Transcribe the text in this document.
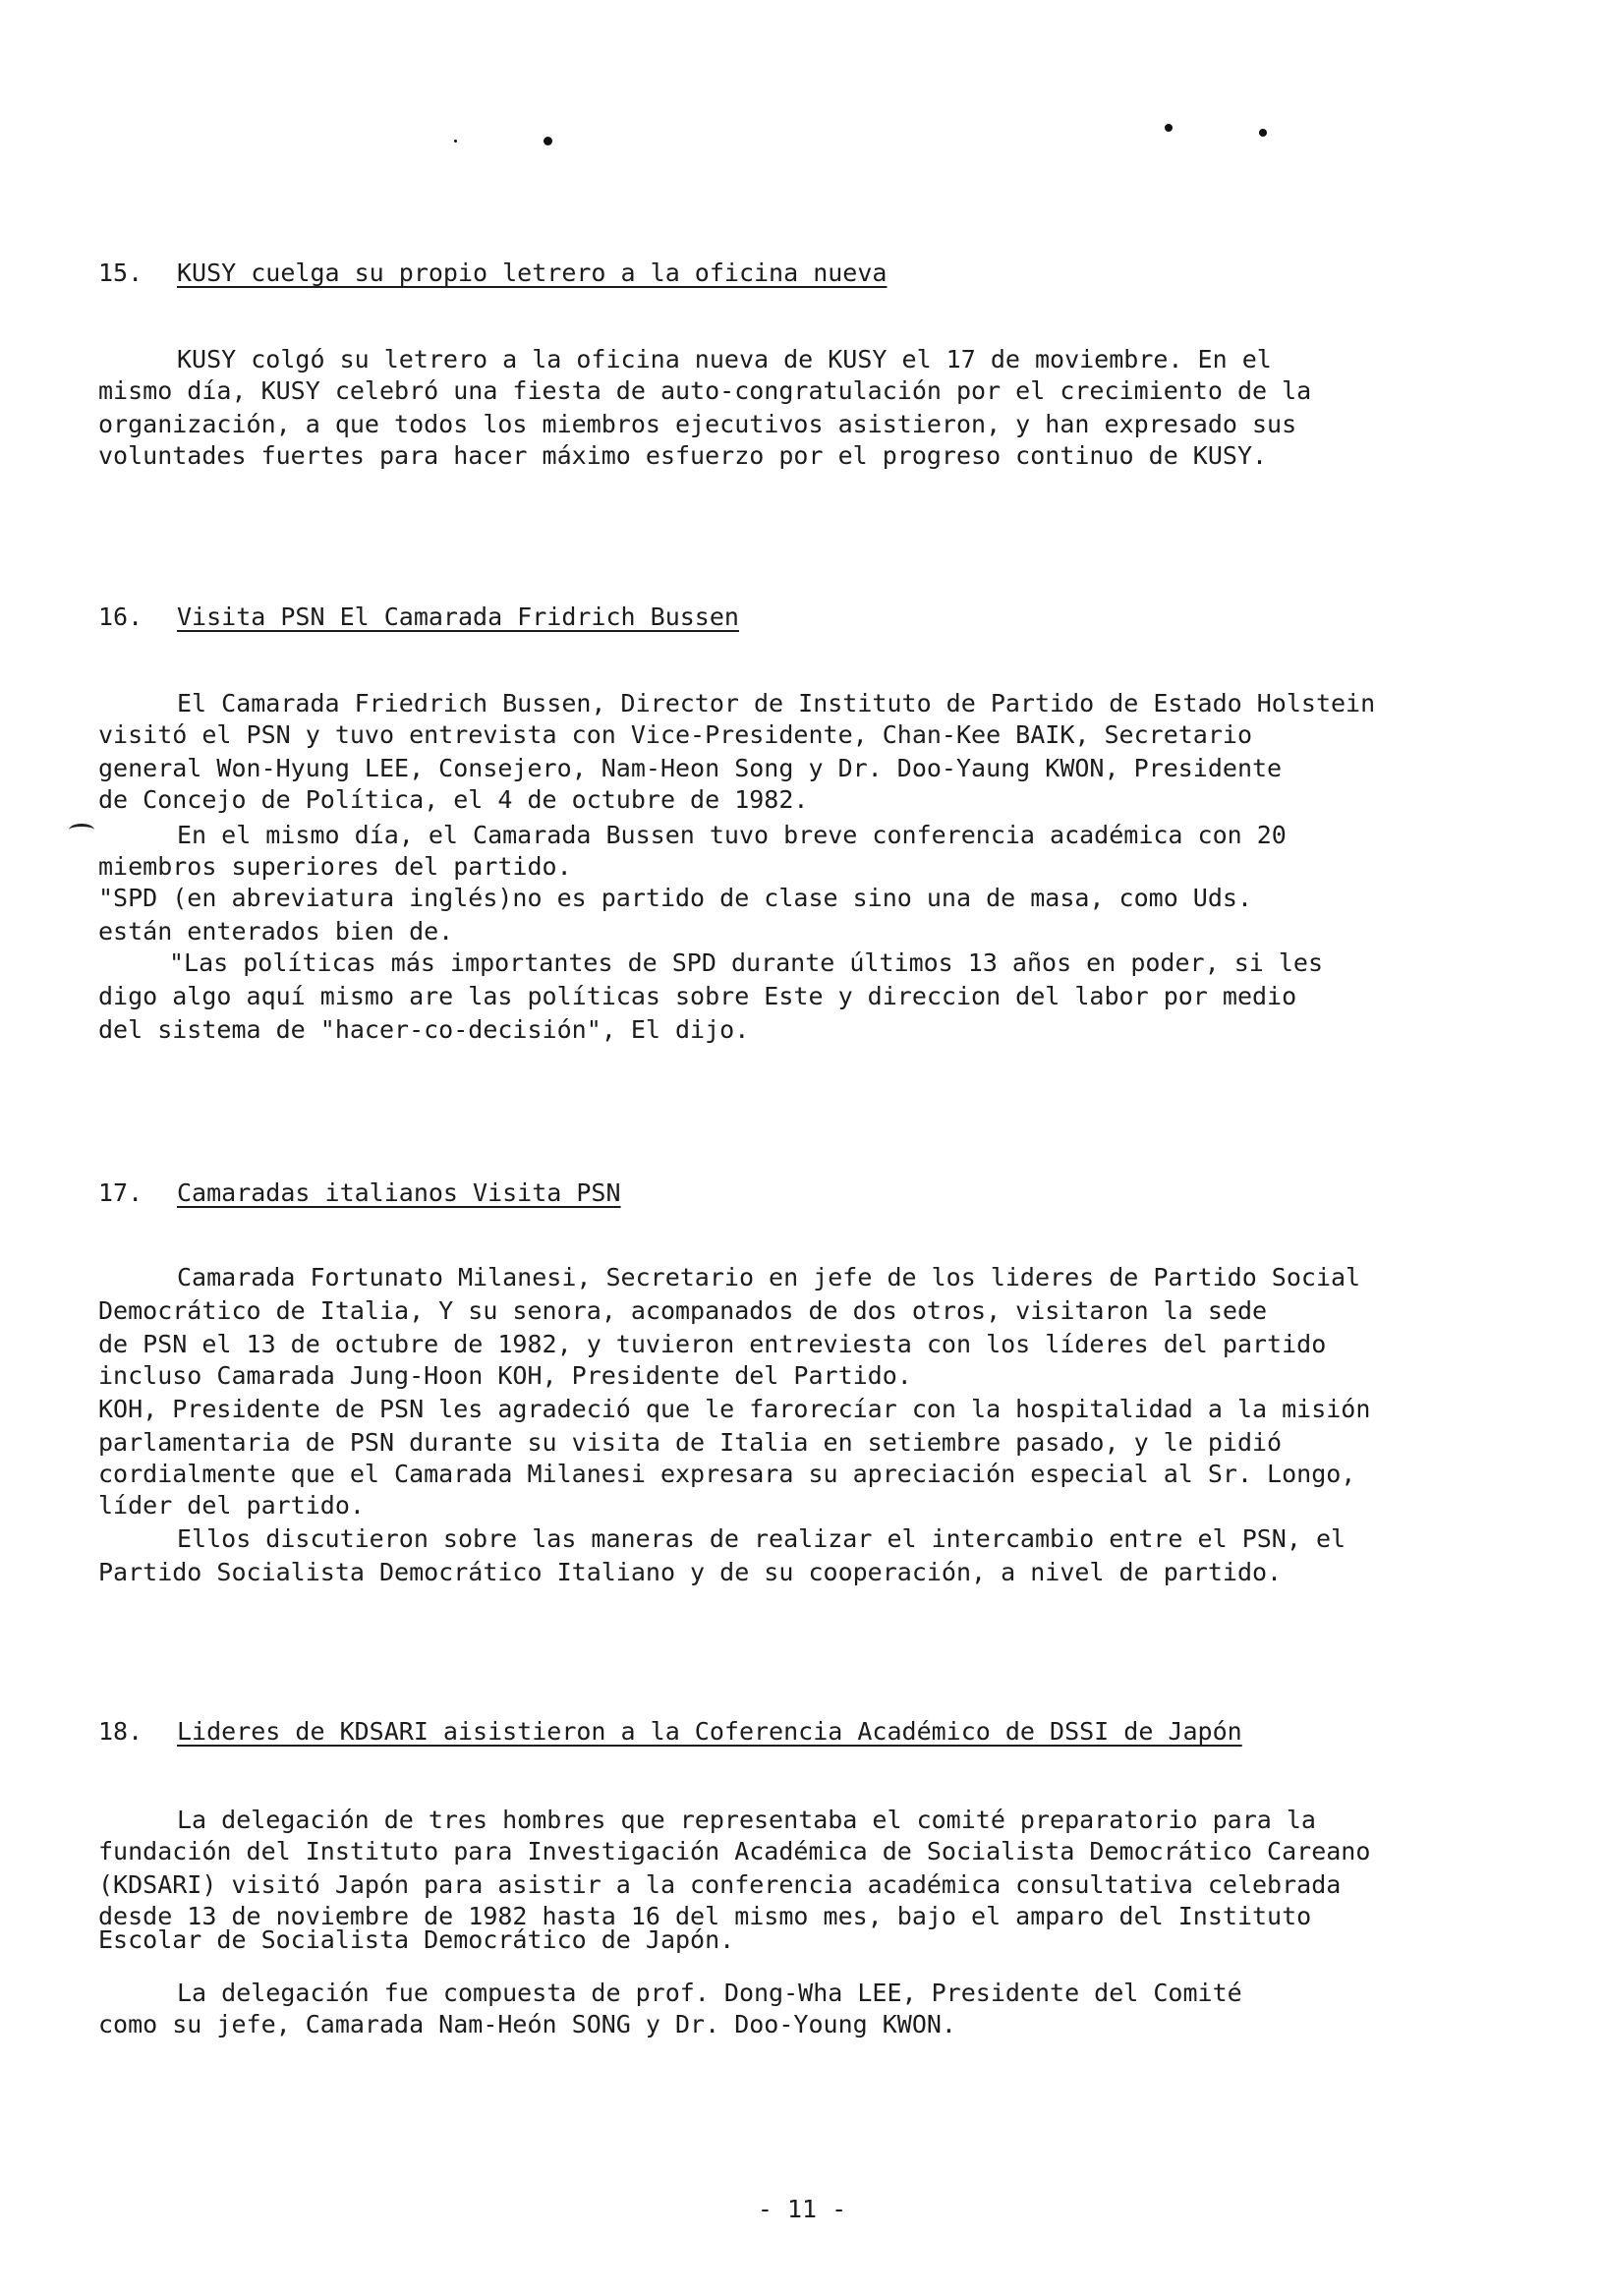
15. KUSY cuelga su propio letrero a la oficina nueva
KUSY colgó su letrero a la oficina nueva de KUSY el 17 de moviembre. En el
mismo día, KUSY celebró una fiesta de auto-congratulación por el crecimiento de la
organización, a que todos los miembros ejecutivos asistieron, y han expresado sus
voluntades fuertes para hacer máximo esfuerzo por el progreso continuo de KUSY.
16. Visita PSN El Camarada Fridrich Bussen
El Camarada Friedrich Bussen, Director de Instituto de Partido de Estado Holstein
visitó el PSN y tuvo entrevista con Vice-Presidente, Chan-Kee BAIK, Secretario
general Won-Hyung LEE, Consejero, Nam-Heon Song y Dr. Doo-Yaung KWON, Presidente
de Concejo de Política, el 4 de octubre de 1982.
En el mismo día, el Camarada Bussen tuvo breve conferencia académica con 20
miembros superiores del partido.
"SPD (en abreviatura inglés)no es partido de clase sino una de masa, como Uds.
están enterados bien de.
"Las políticas más importantes de SPD durante últimos 13 años en poder, si les
digo algo aquí mismo are las políticas sobre Este y direccion del labor por medio
del sistema de "hacer-co-decisión", El dijo.
17. Camaradas italianos Visita PSN
Camarada Fortunato Milanesi, Secretario en jefe de los lideres de Partido Social
Democrático de Italia, Y su senora, acompanados de dos otros, visitaron la sede
de PSN el 13 de octubre de 1982, y tuvieron entreviesta con los líderes del partido
incluso Camarada Jung-Hoon KOH, Presidente del Partido.
KOH, Presidente de PSN les agradeció que le farorecíar con la hospitalidad a la misión
parlamentaria de PSN durante su visita de Italia en setiembre pasado, y le pidió
cordialmente que el Camarada Milanesi expresara su apreciación especial al Sr. Longo,
líder del partido.
Ellos discutieron sobre las maneras de realizar el intercambio entre el PSN, el
Partido Socialista Democrático Italiano y de su cooperación, a nivel de partido.
18. Lideres de KDSARI aisistieron a la Coferencia Académico de DSSI de Japón
La delegación de tres hombres que representaba el comité preparatorio para la
fundación del Instituto para Investigación Académica de Socialista Democrático Careano
(KDSARI) visitó Japón para asistir a la conferencia académica consultativa celebrada
desde 13 de noviembre de 1982 hasta 16 del mismo mes, bajo el amparo del Instituto
Escolar de Socialista Democrático de Japón.
La delegación fue compuesta de prof. Dong-Wha LEE, Presidente del Comité
como su jefe, Camarada Nam-Heón SONG y Dr. Doo-Young KWON.
- 11 -
